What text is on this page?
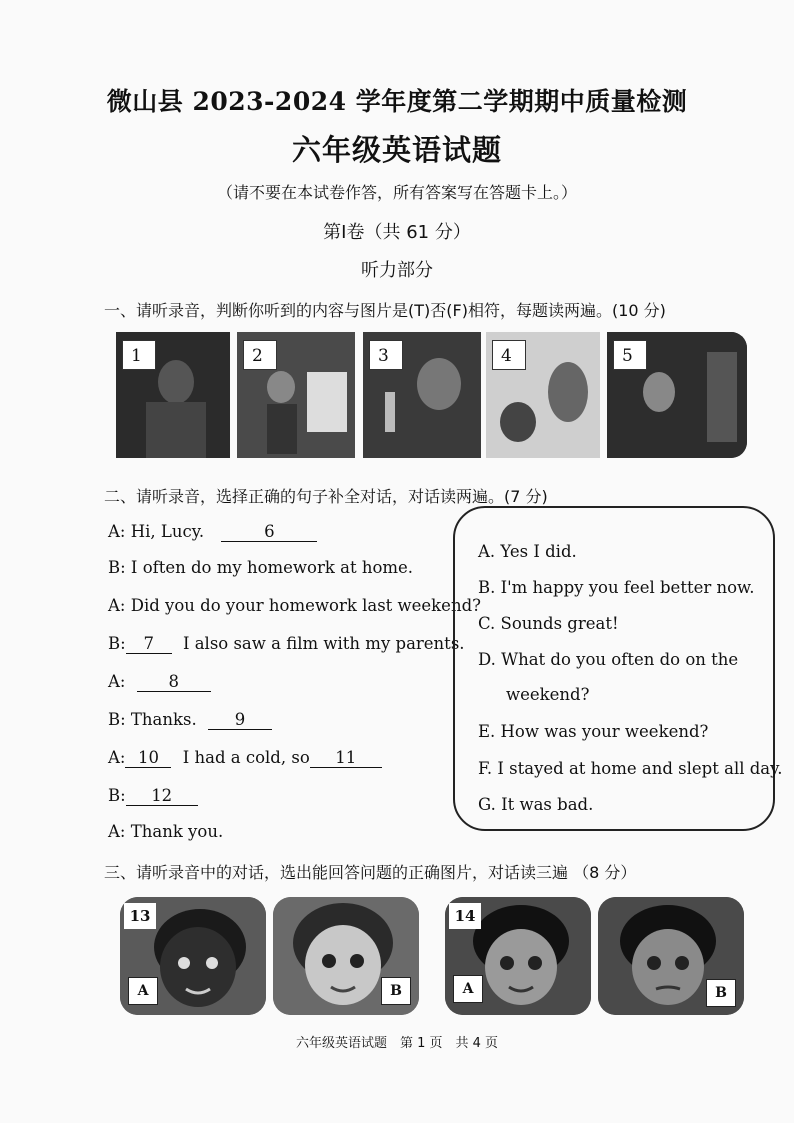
微山县 2023-2024 学年度第二学期期中质量检测
六年级英语试题
（请不要在本试卷作答，所有答案写在答题卡上。）
第Ⅰ卷（共 61 分）
听力部分
一、请听录音，判断你听到的内容与图片是(T)否(F)相符，每题读两遍。(10 分)
1	2	3	4	5
二、请听录音，选择正确的句子补全对话，对话读两遍。(7 分)
A: Hi, Lucy.	6
B: I often do my homework at home.
A: Did you do your homework last weekend?
B: 7 I also saw a film with my parents.
A:	8
B: Thanks. 9
A: 10 I had a cold, so 11
B: 12
A: Thank you.
A. Yes I did.
B. I'm happy you feel better now.
C. Sounds great!
D. What do you often do on the
weekend?
E. How was your weekend?
F. I stayed at home and slept all day.
G. It was bad.
三、请听录音中的对话，选出能回答问题的正确图片，对话读三遍 （8 分）
13
A	B
14
A	B
六年级英语试题　第 1 页　共 4 页
